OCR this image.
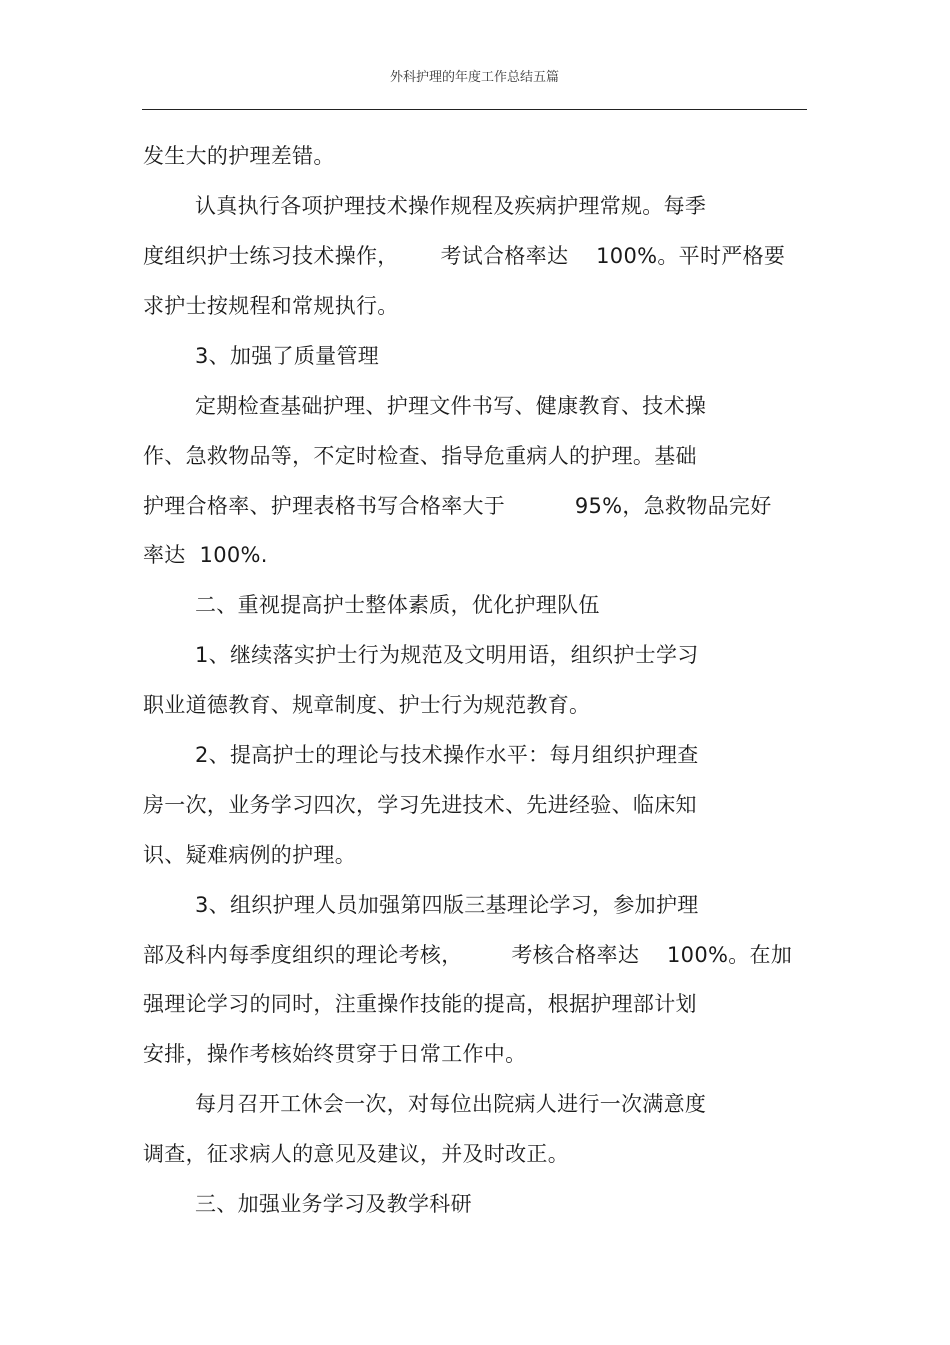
外科护理的年度工作总结五篇
发生大的护理差错。
认真执行各项护理技术操作规程及疾病护理常规。每季
度组织护士练习技术操作，      考试合格率达    100%。平时严格要
求护士按规程和常规执行。
3、加强了质量管理
定期检查基础护理、护理文件书写、健康教育、技术操
作、急救物品等，不定时检查、指导危重病人的护理。基础
护理合格率、护理表格书写合格率大于          95%，急救物品完好
率达  100%.
二、重视提高护士整体素质，优化护理队伍
1、继续落实护士行为规范及文明用语，组织护士学习
职业道德教育、规章制度、护士行为规范教育。
2、提高护士的理论与技术操作水平：每月组织护理查
房一次，业务学习四次，学习先进技术、先进经验、临床知
识、疑难病例的护理。
3、组织护理人员加强第四版三基理论学习，参加护理
部及科内每季度组织的理论考核，       考核合格率达    100%。在加
强理论学习的同时，注重操作技能的提高，根据护理部计划
安排，操作考核始终贯穿于日常工作中。
每月召开工休会一次，对每位出院病人进行一次满意度
调查，征求病人的意见及建议，并及时改正。
三、加强业务学习及教学科研
